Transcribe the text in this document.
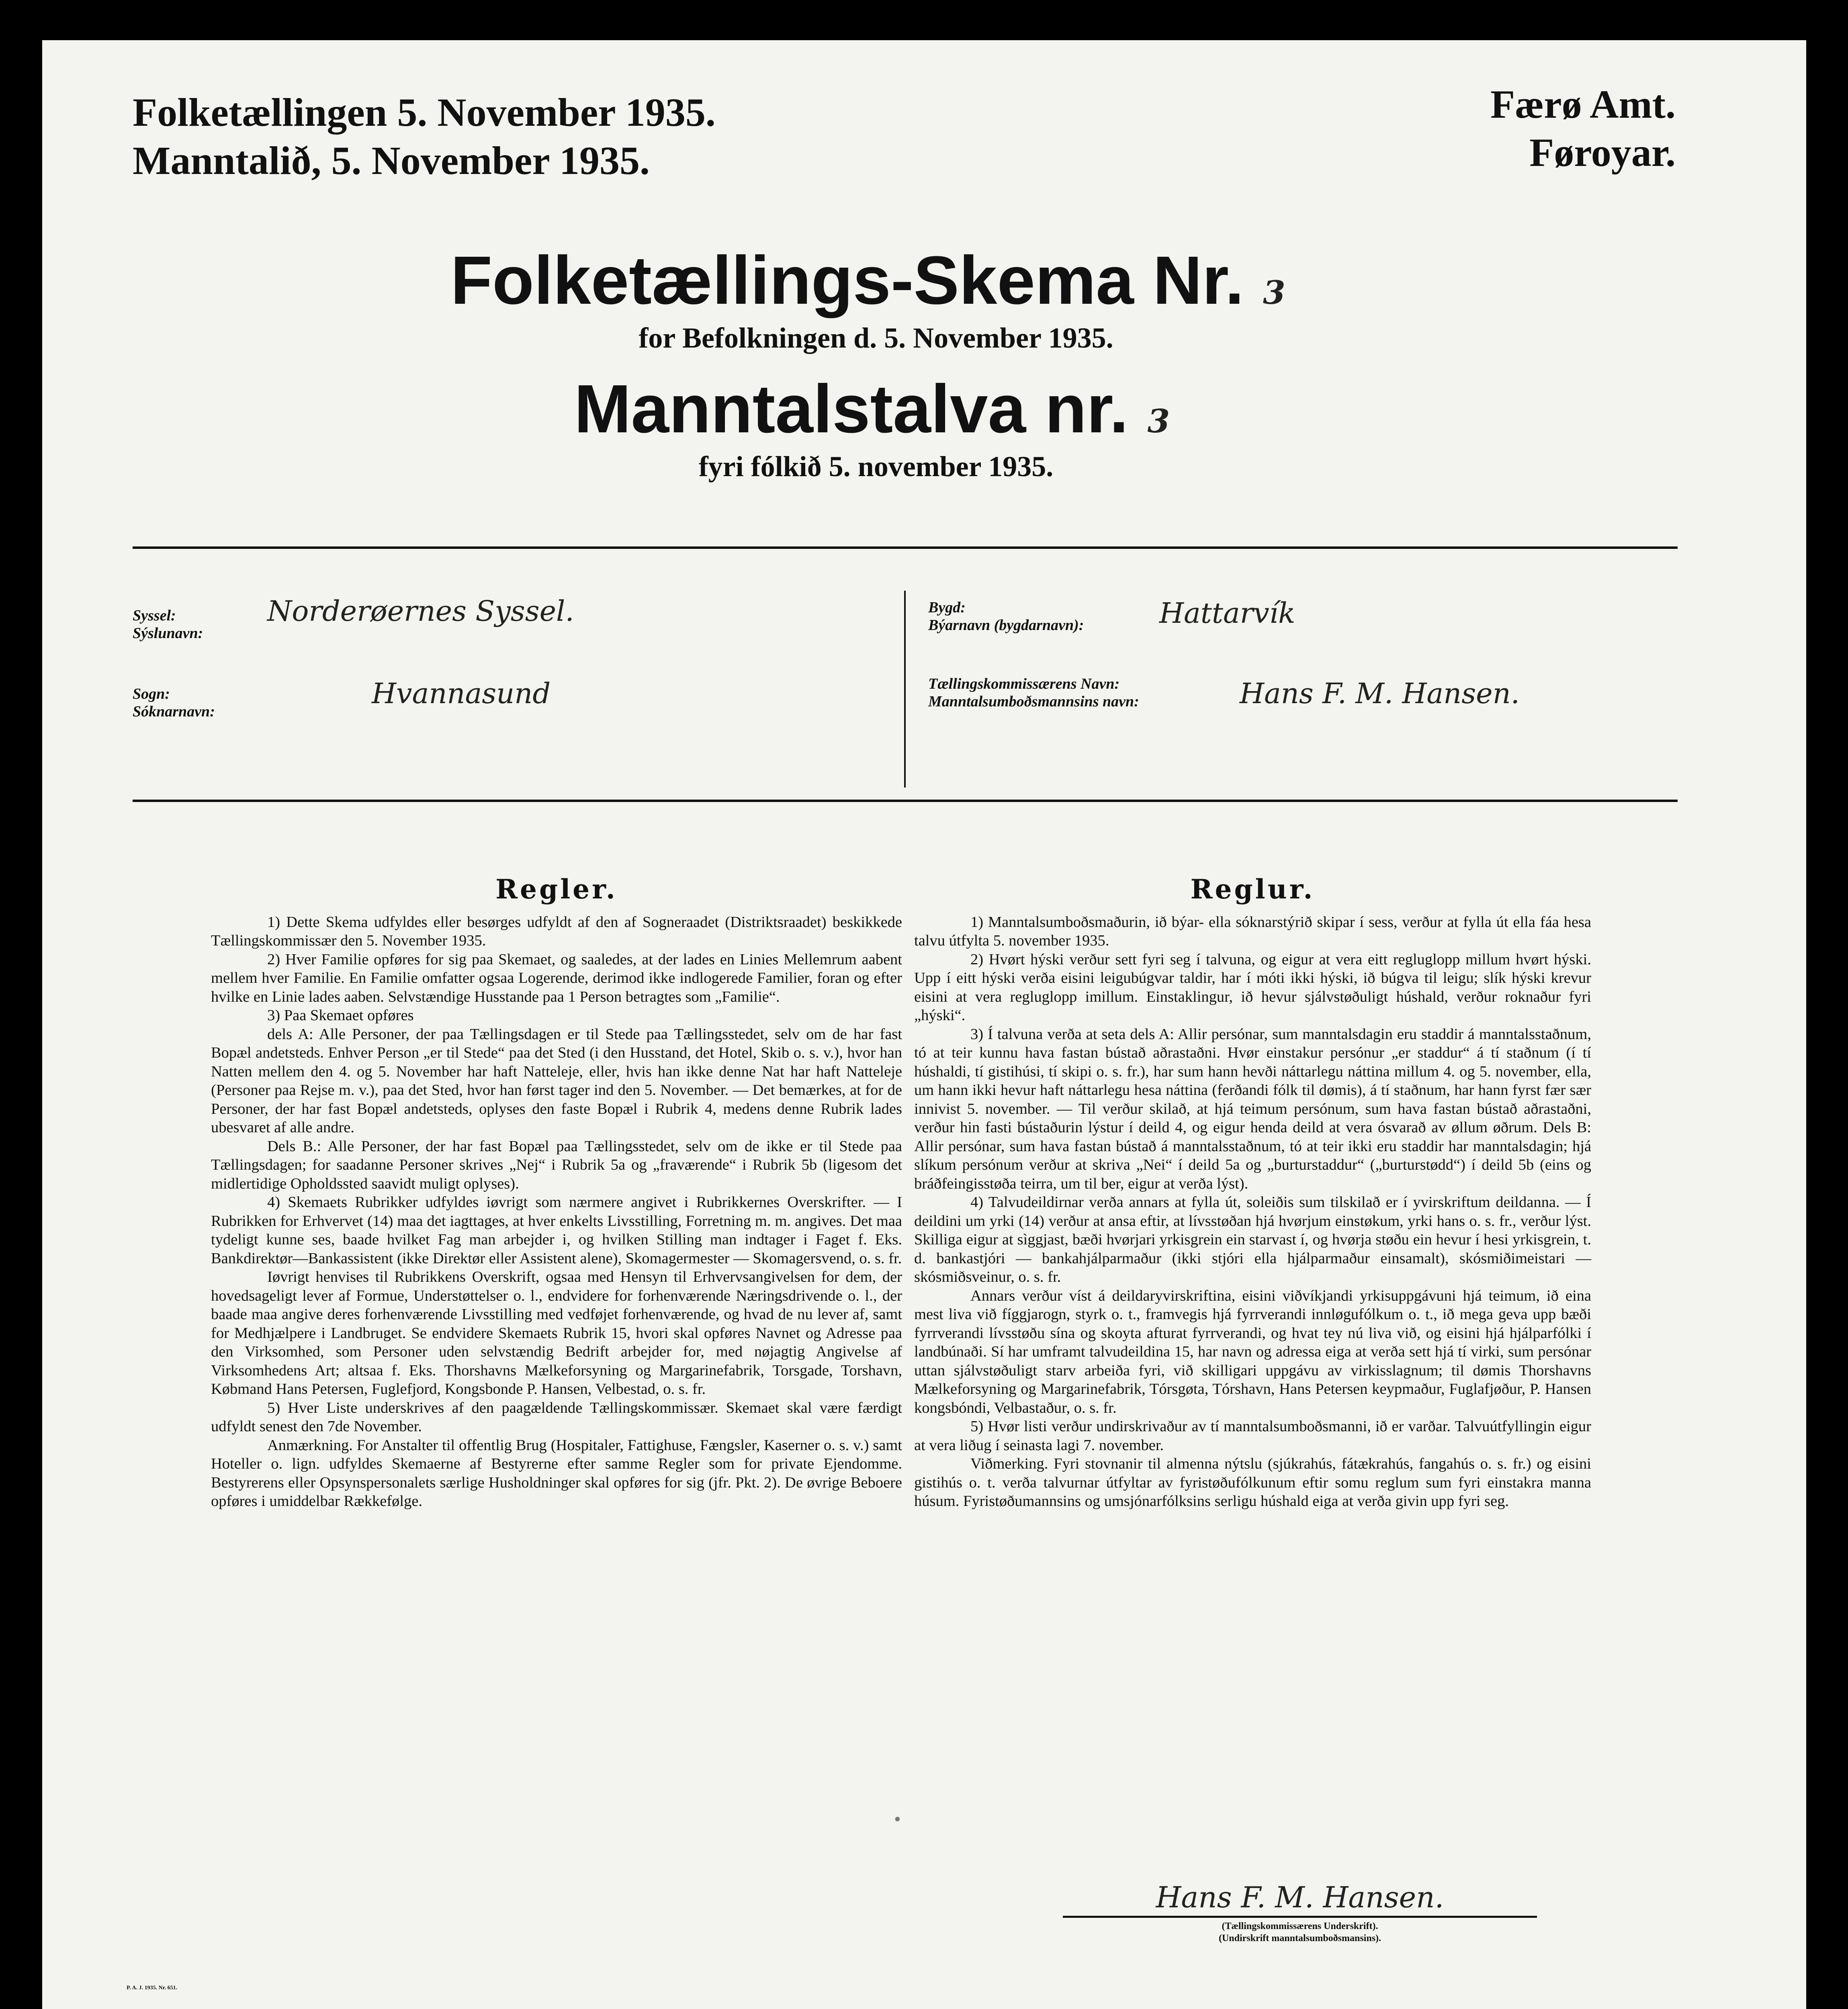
Folketællingen 5. November 1935.
Manntalið, 5. November 1935.
Færø Amt.
Føroyar.
Folketællings-Skema Nr. 3
for Befolkningen d. 5. November 1935.
Manntalstalva nr. 3
fyri fólkið 5. november 1935.
Syssel:
Sýslunavn:
Norderøernes Syssel.
Sogn:
Sóknarnavn:
Hvannasund
Bygd:
Býarnavn (bygdarnavn):	Hattarvík
Tællingskommissærens Navn:
Manntalsumboðsmannsins navn:	Hans F. M. Hansen.
Regler.

1) Dette Skema udfyldes eller besørges udfyldt af den af Sogneraadet (Distriktsraadet) beskikkede Tællingskommissær den 5. November 1935.

2) Hver Familie opføres for sig paa Skemaet, og saaledes, at der lades en Linies Mellemrum aabent mellem hver Familie. En Familie omfatter ogsaa Logerende, derimod ikke indlogerede Familier, foran og efter hvilke en Linie lades aaben. Selvstændige Husstande paa 1 Person betragtes som „Familie“.

3) Paa Skemaet opføres

dels A: Alle Personer, der paa Tællingsdagen er til Stede paa Tællingsstedet, selv om de har fast Bopæl andetsteds. Enhver Person „er til Stede“ paa det Sted (i den Husstand, det Hotel, Skib o. s. v.), hvor han Natten mellem den 4. og 5. November har haft Natteleje, eller, hvis han ikke denne Nat har haft Natteleje (Personer paa Rejse m. v.), paa det Sted, hvor han først tager ind den 5. November. — Det bemærkes, at for de Personer, der har fast Bopæl andetsteds, oplyses den faste Bopæl i Rubrik 4, medens denne Rubrik lades ubesvaret af alle andre.

Dels B.: Alle Personer, der har fast Bopæl paa Tællingsstedet, selv om de ikke er til Stede paa Tællingsdagen; for saadanne Personer skrives „Nej“ i Rubrik 5a og „fraværende“ i Rubrik 5b (ligesom det midlertidige Opholdssted saavidt muligt oplyses).

4) Skemaets Rubrikker udfyldes iøvrigt som nærmere angivet i Rubrikkernes Overskrifter. — I Rubrikken for Erhvervet (14) maa det iagttages, at hver enkelts Livsstilling, Forretning m. m. angives. Det maa tydeligt kunne ses, baade hvilket Fag man arbejder i, og hvilken Stilling man indtager i Faget f. Eks. Bankdirektør—Bankassistent (ikke Direktør eller Assistent alene), Skomagermester — Skomagersvend, o. s. fr.

Iøvrigt henvises til Rubrikkens Overskrift, ogsaa med Hensyn til Erhvervsangivelsen for dem, der hovedsageligt lever af Formue, Understøttelser o. l., endvidere for forhenværende Næringsdrivende o. l., der baade maa angive deres forhenværende Livsstilling med vedføjet forhenværende, og hvad de nu lever af, samt for Medhjælpere i Landbruget. Se endvidere Skemaets Rubrik 15, hvori skal opføres Navnet og Adresse paa den Virksomhed, som Personer uden selvstændig Bedrift arbejder for, med nøjagtig Angivelse af Virksomhedens Art; altsaa f. Eks. Thorshavns Mælkeforsyning og Margarinefabrik, Torsgade, Torshavn, Købmand Hans Petersen, Fuglefjord, Kongsbonde P. Hansen, Velbestad, o. s. fr.

5) Hver Liste underskrives af den paagældende Tællingskommissær. Skemaet skal være færdigt udfyldt senest den 7de November.

Anmærkning. For Anstalter til offentlig Brug (Hospitaler, Fattighuse, Fængsler, Kaserner o. s. v.) samt Hoteller o. lign. udfyldes Skemaerne af Bestyrerne efter samme Regler som for private Ejendomme. Bestyrerens eller Opsynspersonalets særlige Husholdninger skal opføres for sig (jfr. Pkt. 2). De øvrige Beboere opføres i umiddelbar Rækkefølge.

Reglur.

1) Manntalsumboðsmaðurin, ið býar- ella sóknarstýrið skipar í sess, verður at fylla út ella fáa hesa talvu útfylta 5. november 1935.

2) Hvørt hýski verður sett fyri seg í talvuna, og eigur at vera eitt regluglopp millum hvørt hýski. Upp í eitt hýski verða eisini leigubúgvar taldir, har í móti ikki hýski, ið búgva til leigu; slík hýski krevur eisini at vera regluglopp imillum. Einstaklingur, ið hevur sjálvstøðuligt húshald, verður roknaður fyri „hýski“.

3) Í talvuna verða at seta dels A: Allir persónar, sum manntalsdagin eru staddir á manntalsstaðnum, tó at teir kunnu hava fastan bústað aðrastaðni. Hvør einstakur persónur „er staddur“ á tí staðnum (í tí húshaldi, tí gistihúsi, tí skipi o. s. fr.), har sum hann hevði náttarlegu náttina millum 4. og 5. november, ella, um hann ikki hevur haft náttarlegu hesa náttina (ferðandi fólk til dømis), á tí staðnum, har hann fyrst fær sær innivist 5. november. — Til verður skilað, at hjá teimum persónum, sum hava fastan bústað aðrastaðni, verður hin fasti bústaðurin lýstur í deild 4, og eigur henda deild at vera ósvarað av øllum øðrum. Dels B: Allir persónar, sum hava fastan bústað á manntalsstaðnum, tó at teir ikki eru staddir har manntalsdagin; hjá slíkum persónum verður at skriva „Nei“ í deild 5a og „burturstaddur“ („burturstødd“) í deild 5b (eins og bráðfeingisstøða teirra, um til ber, eigur at verða lýst).

4) Talvudeildirnar verða annars at fylla út, soleiðis sum tilskilað er í yvirskriftum deildanna. — Í deildini um yrki (14) verður at ansa eftir, at lívsstøðan hjá hvørjum einstøkum, yrki hans o. s. fr., verður lýst. Skilliga eigur at sìggjast, bæði hvørjari yrkisgrein ein starvast í, og hvørja støðu ein hevur í hesi yrkisgrein, t. d. bankastjóri — bankahjálparmaður (ikki stjóri ella hjálparmaður einsamalt), skósmiðimeistari — skósmiðsveinur, o. s. fr.

Annars verður víst á deildaryvirskriftina, eisini viðvíkjandi yrkisuppgávuni hjá teimum, ið eina mest liva við fíggjarogn, styrk o. t., framvegis hjá fyrrverandi innløgufólkum o. t., ið mega geva upp bæði fyrrverandi lívsstøðu sína og skoyta afturat fyrrverandi, og hvat tey nú liva við, og eisini hjá hjálparfólki í landbúnaði. Sí har umframt talvudeildina 15, har navn og adressa eiga at verða sett hjá tí virki, sum persónar uttan sjálvstøðuligt starv arbeiða fyri, við skilligari uppgávu av virkisslagnum; til dømis Thorshavns Mælkeforsyning og Margarinefabrik, Tórsgøta, Tórshavn, Hans Petersen keypmaður, Fuglafjøður, P. Hansen kongsbóndi, Velbastaður, o. s. fr.

5) Hvør listi verður undirskrivaður av tí manntalsumboðsmanni, ið er varðar. Talvuútfyllingin eigur at vera liðug í seinasta lagi 7. november.

Viðmerking. Fyri stovnanir til almenna nýtslu (sjúkrahús, fátækrahús, fangahús o. s. fr.) og eisini gistihús o. t. verða talvurnar útfyltar av fyristøðufólkunum eftir somu reglum sum fyri einstakra manna húsum. Fyristøðumannsins og umsjónarfólksins serligu húshald eiga at verða givin upp fyri seg.

•
Hans F. M. Hansen.
(Tællingskommissærens Underskrift).
(Undirskrift manntalsumboðsmansins).
P. A. J. 1935. Nr. 651.
